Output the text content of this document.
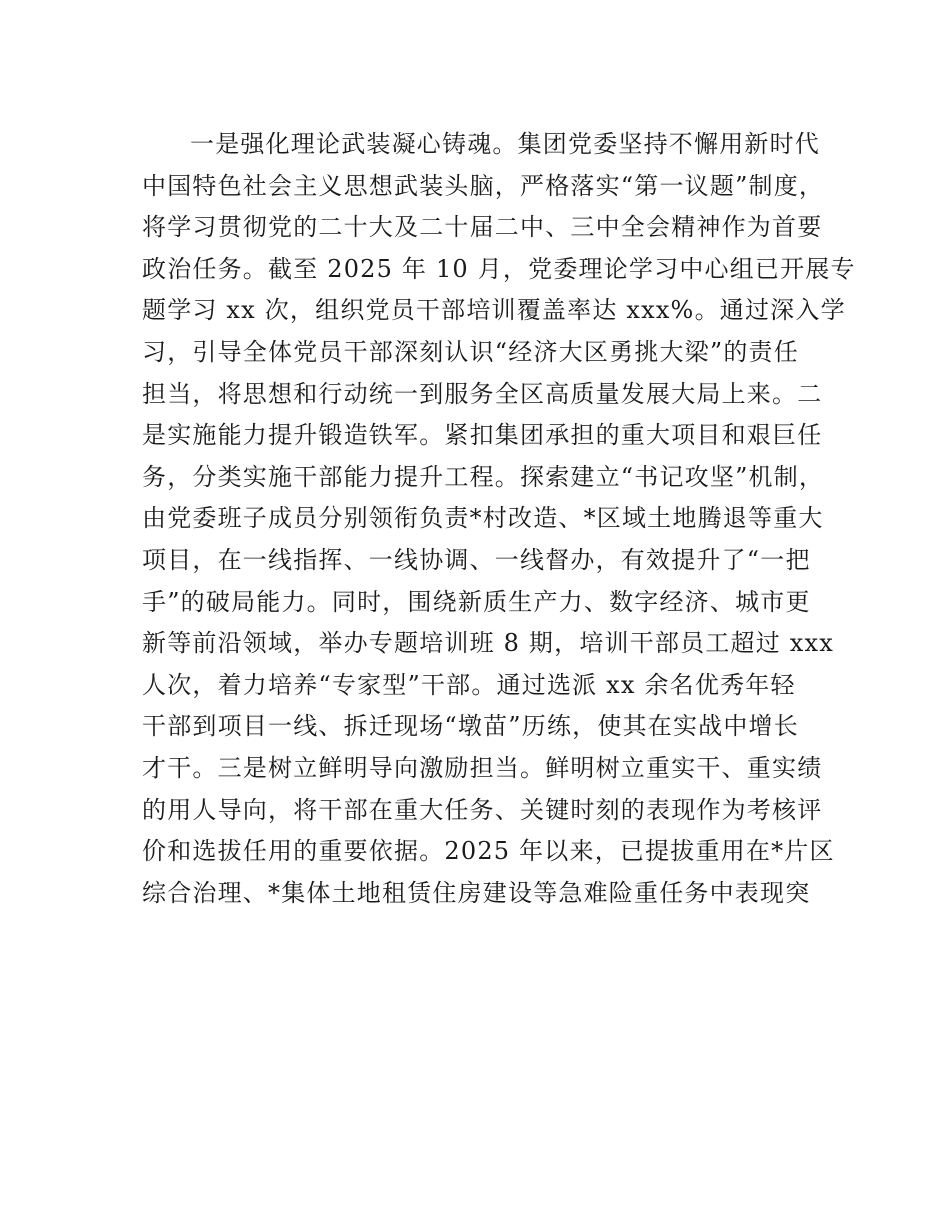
一是强化理论武装凝心铸魂。集团党委坚持不懈用新时代
中国特色社会主义思想武装头脑，严格落实“第一议题”制度，
将学习贯彻党的二十大及二十届二中、三中全会精神作为首要
政治任务。截至 2025 年 10 月，党委理论学习中心组已开展专
题学习 xx 次，组织党员干部培训覆盖率达 xxx%。通过深入学
习，引导全体党员干部深刻认识“经济大区勇挑大梁”的责任
担当，将思想和行动统一到服务全区高质量发展大局上来。二
是实施能力提升锻造铁军。紧扣集团承担的重大项目和艰巨任
务，分类实施干部能力提升工程。探索建立“书记攻坚”机制，
由党委班子成员分别领衔负责*村改造、*区域土地腾退等重大
项目，在一线指挥、一线协调、一线督办，有效提升了“一把
手”的破局能力。同时，围绕新质生产力、数字经济、城市更
新等前沿领域，举办专题培训班 8 期，培训干部员工超过 xxx
人次，着力培养“专家型”干部。通过选派 xx 余名优秀年轻
干部到项目一线、拆迁现场“墩苗”历练，使其在实战中增长
才干。三是树立鲜明导向激励担当。鲜明树立重实干、重实绩
的用人导向，将干部在重大任务、关键时刻的表现作为考核评
价和选拔任用的重要依据。2025 年以来，已提拔重用在*片区
综合治理、*集体土地租赁住房建设等急难险重任务中表现突
